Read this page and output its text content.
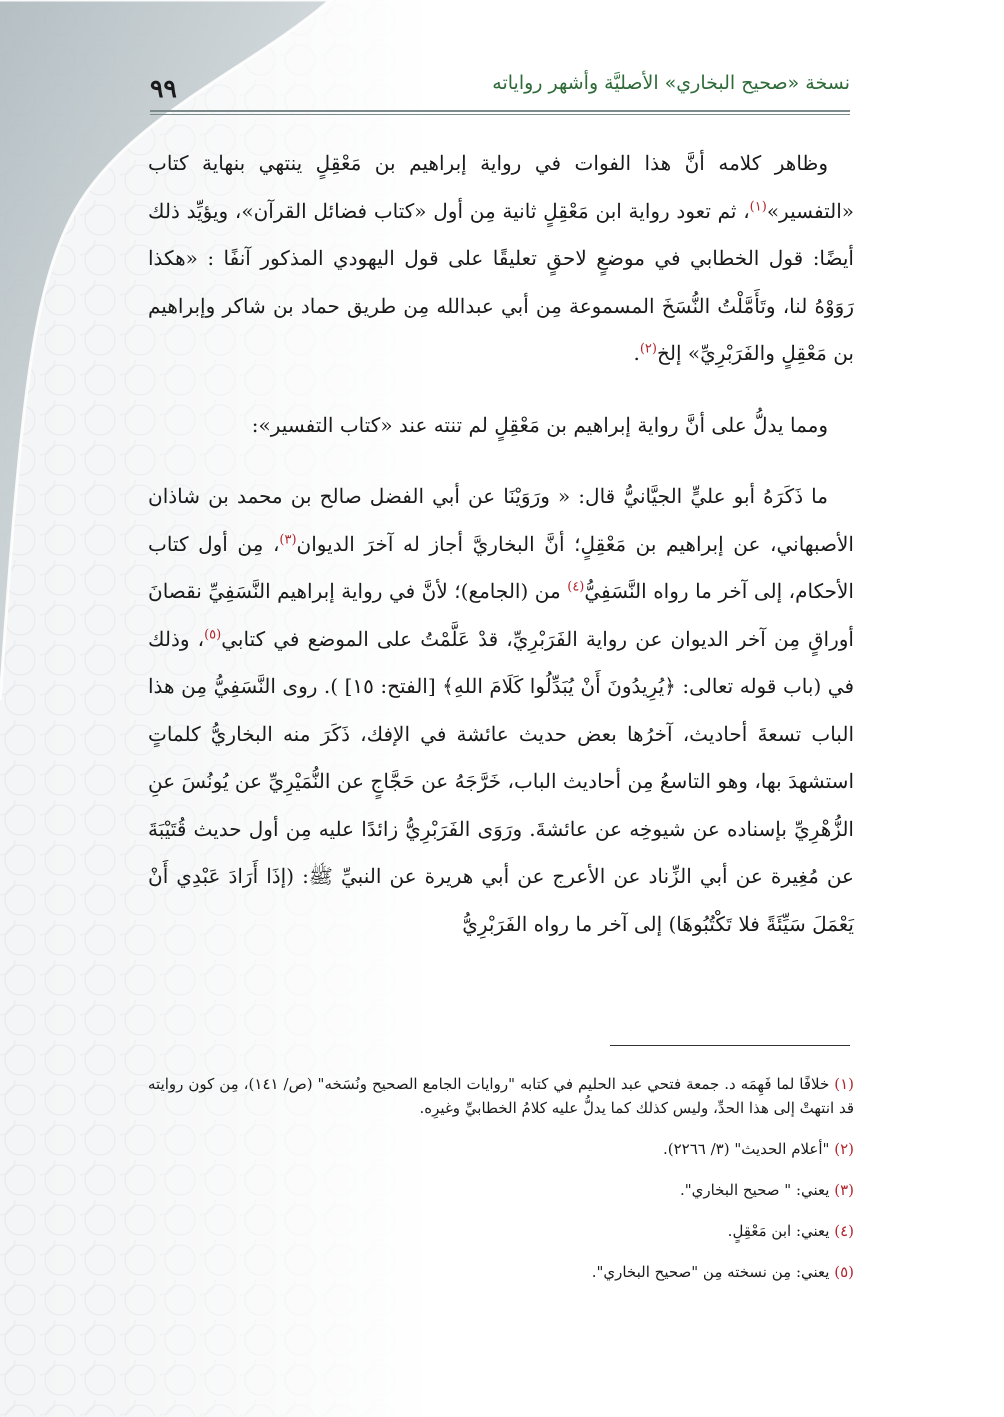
٩٩	نسخة «صحيح البخاري» الأصليَّة وأشهر رواياته

وظاهر كلامه أنَّ هذا الفوات في رواية إبراهيم بن مَعْقِلٍ ينتهي بنهاية كتاب «التفسير»$^{(١)}$، ثم تعود رواية ابن مَعْقِلٍ ثانية مِن أول «كتاب فضائل القرآن»، ويؤيِّد ذلك أيضًا: قول الخطابي في موضعٍ لاحقٍ تعليقًا على قول اليهودي المذكور آنفًا : «هكذا رَوَوْهُ لنا، وتَأَمَّلْتُ النُّسَخَ المسموعة مِن أبي عبدالله مِن طريق حماد بن شاكر وإبراهيم بن مَعْقِلٍ والفَرَبْرِيِّ» إلخ$^{(٢)}$.

ومما يدلُّ على أنَّ رواية إبراهيم بن مَعْقِلٍ لم تنته عند «كتاب التفسير»:

ما ذَكَرَهُ أبو عليٍّ الجيَّانيُّ قال: « ورَوَيْنَا عن أبي الفضل صالح بن محمد بن شاذان الأصبهاني، عن إبراهيم بن مَعْقِلٍ؛ أنَّ البخاريَّ أجاز له آخرَ الديوان$^{(٣)}$، مِن أول كتاب الأحكام، إلى آخر ما رواه النَّسَفِيُّ$^{(٤)}$ من (الجامع)؛ لأنَّ في رواية إبراهيم النَّسَفِيِّ نقصانَ أوراقٍ مِن آخر الديوان عن رواية الفَرَبْرِيِّ، قدْ عَلَّمْتُ على الموضع في كتابي$^{(٥)}$، وذلك في (باب قوله تعالى: ﴿يُرِيدُونَ أَنْ يُبَدِّلُوا كَلَامَ اللهِ﴾ [الفتح: ١٥] ). روى النَّسَفِيُّ مِن هذا الباب تسعةَ أحاديث، آخرُها بعض حديث عائشة في الإفك، ذَكَرَ منه البخاريُّ كلماتٍ استشهدَ بها، وهو التاسعُ مِن أحاديث الباب، خَرَّجَهُ عن حَجَّاجٍ عن النُّمَيْرِيِّ عن يُونُسَ عنِ الزُّهْرِيِّ بإسناده عن شيوخِه عن عائشةَ. ورَوَى الفَرَبْرِيُّ زائدًا عليه مِن أول حديث قُتَيْبَةَ عن مُغِيرة عن أبي الزِّناد عن الأعرج عن أبي هريرة عن النبيِّ ﷺ: (إذَا أَرَادَ عَبْدِي أَنْ يَعْمَلَ سَيِّئَةً فلا تَكْتُبُوهَا) إلى آخر ما رواه الفَرَبْرِيُّ

(١) خلافًا لما فَهِمَه د. جمعة فتحي عبد الحليم في كتابه "روايات الجامع الصحيح ونُسَخه" (ص/ ١٤١)، مِن كون روايته قد انتهتْ إلى هذا الحدِّ، وليس كذلك كما يدلُّ عليه كلامُ الخطابيِّ وغيرِه.
(٢) "أعلام الحديث" (٣/ ٢٢٦٦).
(٣) يعني: " صحيح البخاري".
(٤) يعني: ابن مَعْقِلٍ.
(٥) يعني: مِن نسخته مِن "صحيح البخاري".
